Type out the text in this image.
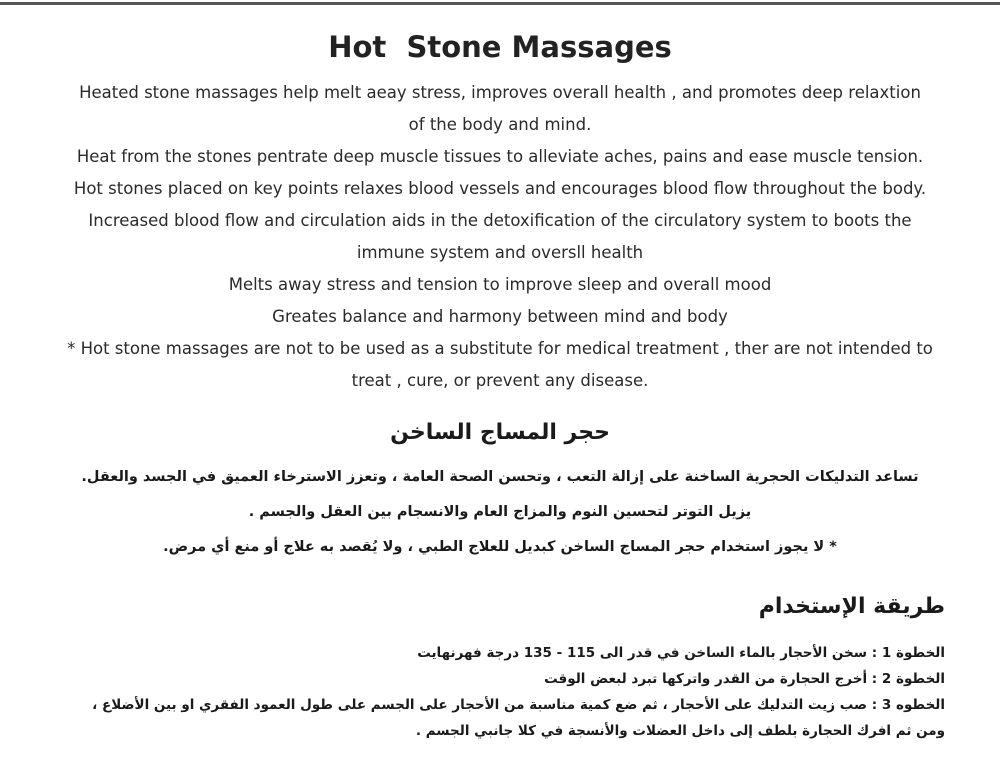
Hot  Stone Massages
Heated stone massages help melt aeay stress, improves overall health , and promotes deep relaxtion
of the body and mind.
Heat from the stones pentrate deep muscle tissues to alleviate aches, pains and ease muscle tension.
Hot stones placed on key points relaxes blood vessels and encourages blood flow throughout the body.
Increased blood flow and circulation aids in the detoxification of the circulatory system to boots the
immune system and oversll health
Melts away stress and tension to improve sleep and overall mood
Greates balance and harmony between mind and body
* Hot stone massages are not to be used as a substitute for medical treatment , ther are not intended to
treat , cure, or prevent any disease.
حجر المساج الساخن
تساعد التدليكات الحجرية الساخنة على إزالة التعب ، وتحسن الصحة العامة ، وتعزز الاسترخاء العميق في الجسد والعقل.
يزيل التوتر لتحسين النوم والمزاج العام والانسجام بين العقل والجسم .
* لا يجوز استخدام حجر المساج الساخن كبديل للعلاج الطبي ، ولا يُقصد به علاج أو منع أي مرض.
طريقة الإستخدام
الخطوة 1 : سخن الأحجار بالماء الساخن في قدر الى 115 - 135 درجة فهرنهايت
الخطوة 2 : أخرج الحجارة من القدر واتركها تبرد لبعض الوقت
الخطوه 3 : صب زيت التدليك على الأحجار ، ثم ضع كمية مناسبة من الأحجار على الجسم على طول العمود الفقري او بين الأضلاع ،
ومن ثم افرك الحجارة بلطف إلى داخل العضلات والأنسجة في كلا جانبي الجسم .
